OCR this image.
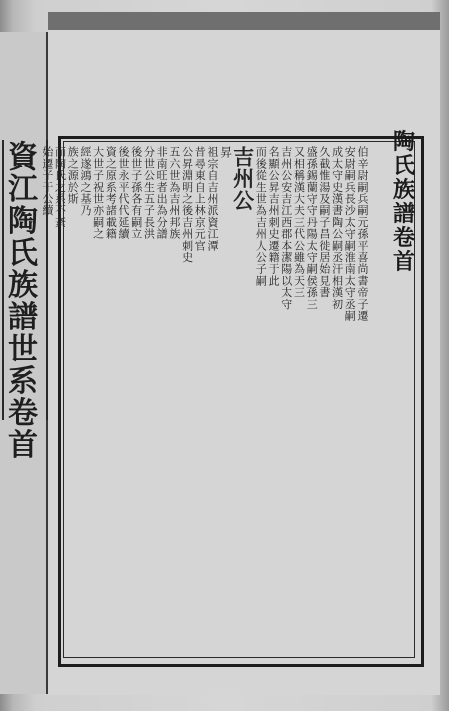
資
江
陶
氏
族
譜
世
系
卷
首
陶
氏
族
譜
卷
首
伯辛尉嗣兵嗣元孫平喜尚書帝子遷
安尉嗣兵長沙太守嗣淮南太守丞嗣
成太守史漢書陶公嗣丞汗相漢初
久截惟湯及嗣子昌徙居始見書
盛孫錫蘭守守丹陽太守嗣侯孫三
又相稱漢大夫三代公雖為天三
吉州公安吉江西郡本潔陽以太守
名顯公昇吉州刺史遷籍于此
而後從生世為吉州人公子嗣
吉州公
昇
祖宗自吉州派資江潭
昔尋東自上林京元官
公昇淵明之後吉州刺史
五六世為吉州邦族
非南旺者出為分譜
分世公生五子長洪
後世子孫各有嗣立
後世永平代代延續
資之原系考諸載籍
大世子祝世亦嗣之
經遂鴻之基乃
族之源於斯
而陶氏之系不紊
始遷子于公續
